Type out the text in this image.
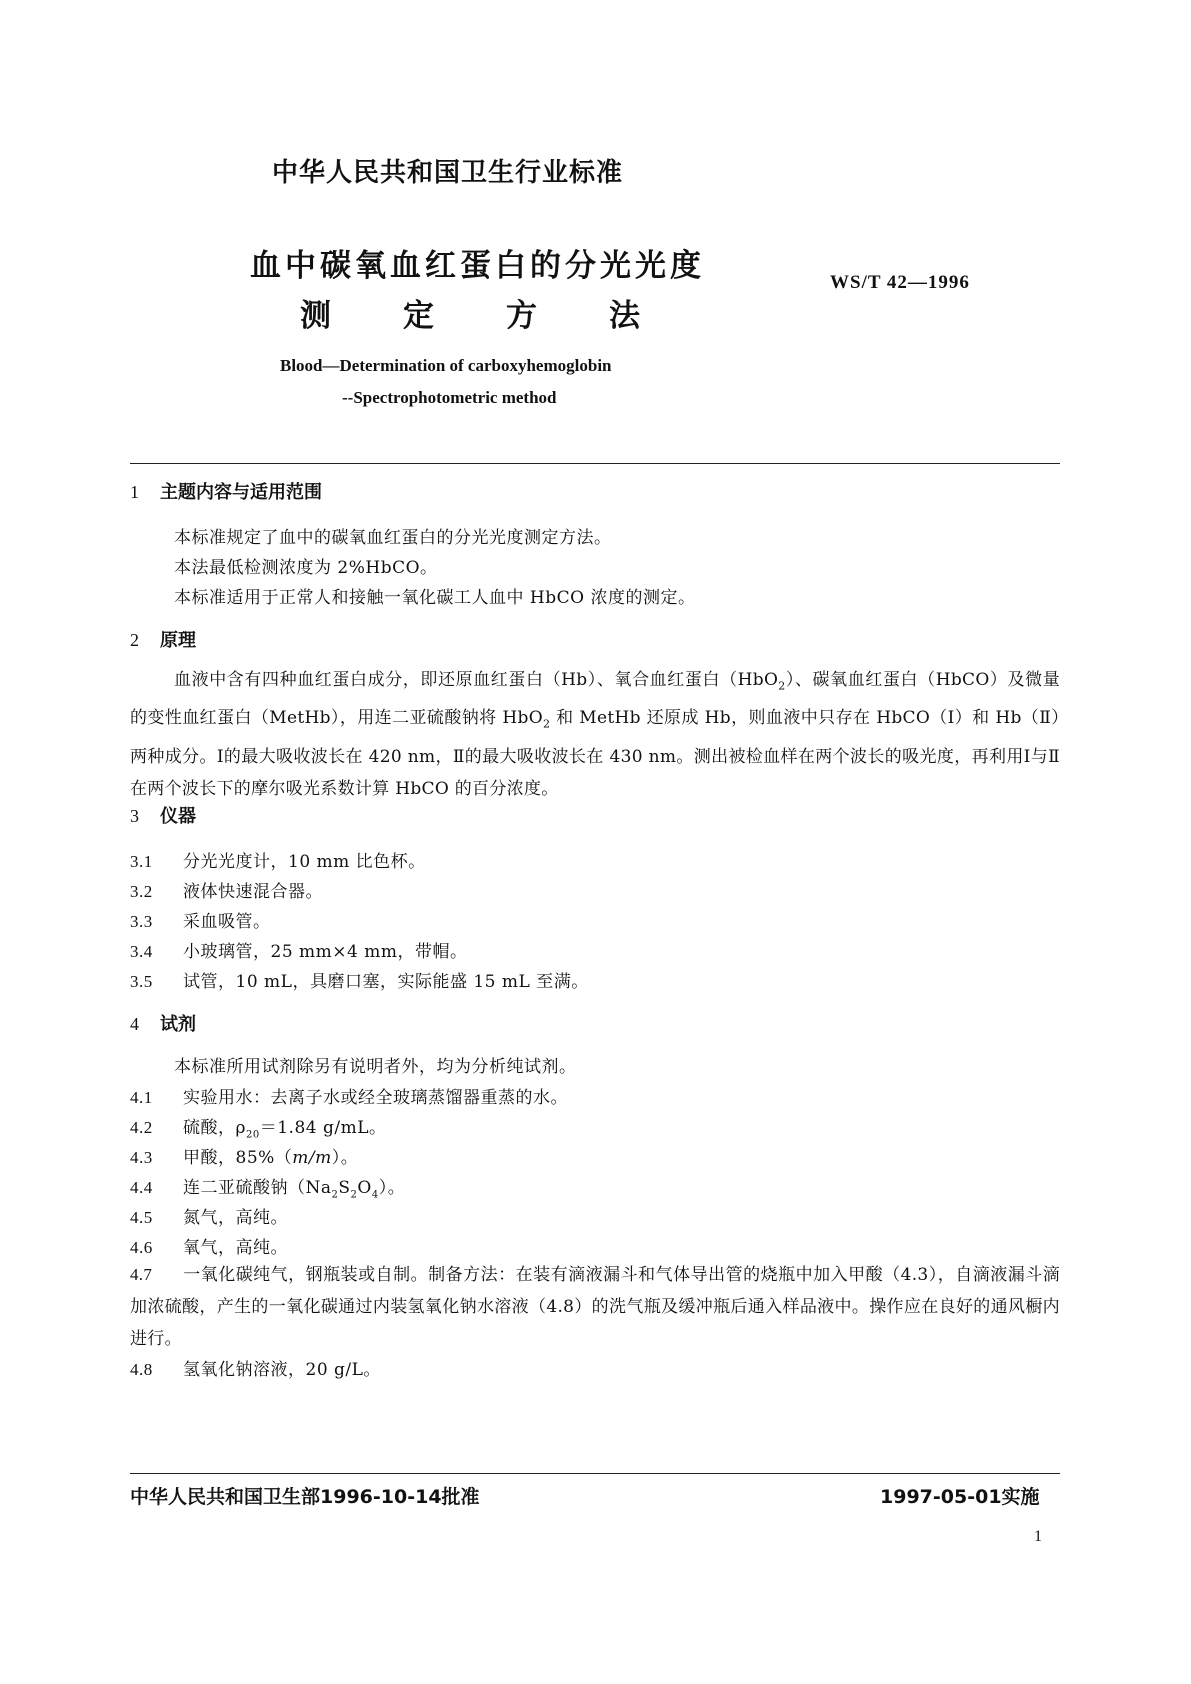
中华人民共和国卫生行业标准
血中碳氧血红蛋白的分光光度
测 定 方 法
WS/T 42—1996
Blood—Determination of carboxyhemoglobin
--Spectrophotometric method
1 主题内容与适用范围
本标准规定了血中的碳氧血红蛋白的分光光度测定方法。
本法最低检测浓度为 2%HbCO。
本标准适用于正常人和接触一氧化碳工人血中 HbCO 浓度的测定。
2 原理
血液中含有四种血红蛋白成分，即还原血红蛋白（Hb）、氧合血红蛋白（HbO$_2$）、碳氧血红蛋白（HbCO）及微量的变性血红蛋白（MetHb），用连二亚硫酸钠将 HbO$_2$ 和 MetHb 还原成 Hb，则血液中只存在 HbCO（Ⅰ）和 Hb（Ⅱ）两种成分。Ⅰ的最大吸收波长在 420 nm，Ⅱ的最大吸收波长在 430 nm。测出被检血样在两个波长的吸光度，再利用Ⅰ与Ⅱ在两个波长下的摩尔吸光系数计算 HbCO 的百分浓度。
3 仪器
3.1 分光光度计，10 mm 比色杯。
3.2 液体快速混合器。
3.3 采血吸管。
3.4 小玻璃管，25 mm×4 mm，带帽。
3.5 试管，10 mL，具磨口塞，实际能盛 15 mL 至满。
4 试剂
本标准所用试剂除另有说明者外，均为分析纯试剂。
4.1 实验用水：去离子水或经全玻璃蒸馏器重蒸的水。
4.2 硫酸，$\rho_{20}=1.84$ g/mL。
4.3 甲酸，85%（m/m）。
4.4 连二亚硫酸钠$(Na_2S_2O_4)$。
4.5 氮气，高纯。
4.6 氧气，高纯。
4.7 一氧化碳纯气，钢瓶装或自制。制备方法：在装有滴液漏斗和气体导出管的烧瓶中加入甲酸（4.3），自滴液漏斗滴加浓硫酸，产生的一氧化碳通过内装氢氧化钠水溶液（4.8）的洗气瓶及缓冲瓶后通入样品液中。操作应在良好的通风橱内进行。
4.8 氢氧化钠溶液，20 g/L。
中华人民共和国卫生部1996-10-14批准	1997-05-01实施
1
